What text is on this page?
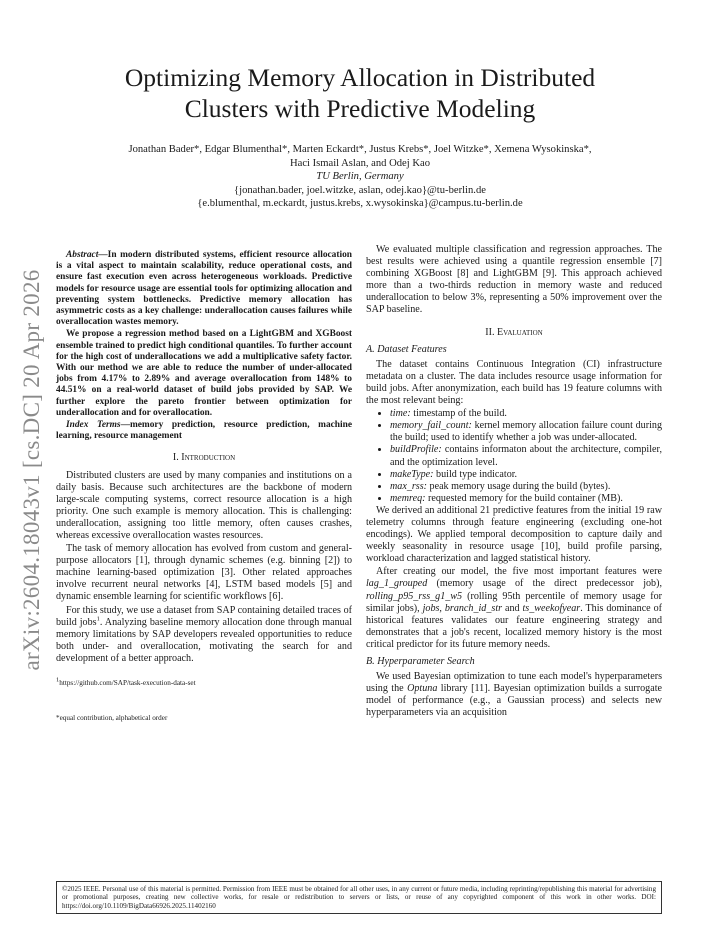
arXiv:2604.18043v1 [cs.DC] 20 Apr 2026
Optimizing Memory Allocation in Distributed Clusters with Predictive Modeling
Jonathan Bader*, Edgar Blumenthal*, Marten Eckardt*, Justus Krebs*, Joel Witzke*, Xemena Wysokinska*,
Haci Ismail Aslan, and Odej Kao
TU Berlin, Germany
{jonathan.bader, joel.witzke, aslan, odej.kao}@tu-berlin.de
{e.blumenthal, m.eckardt, justus.krebs, x.wysokinska}@campus.tu-berlin.de

Abstract—In modern distributed systems, efficient resource allocation is a vital aspect to maintain scalability, reduce operational costs, and ensure fast execution even across heterogeneous workloads. Predictive models for resource usage are essential tools for optimizing allocation and preventing system bottlenecks. Predictive memory allocation has asymmetric costs as a key challenge: underallocation causes failures while overallocation wastes memory.

We propose a regression method based on a LightGBM and XGBoost ensemble trained to predict high conditional quantiles. To further account for the high cost of underallocations we add a multiplicative safety factor. With our method we are able to reduce the number of under-allocated jobs from 4.17% to 2.89% and average overallocation from 148% to 44.51% on a real-world dataset of build jobs provided by SAP. We further explore the pareto frontier between optimization for underallocation and for overallocation.

Index Terms—memory prediction, resource prediction, machine learning, resource management

I. Introduction

Distributed clusters are used by many companies and institutions on a daily basis. Because such architectures are the backbone of modern large-scale computing systems, correct resource allocation is a high priority. One such example is memory allocation. This is challenging: underallocation, assigning too little memory, often causes crashes, whereas excessive overallocation wastes resources.

The task of memory allocation has evolved from custom and general-purpose allocators [1], through dynamic schemes (e.g. binning [2]) to machine learning-based optimization [3]. Other related approaches involve recurrent neural networks [4], LSTM based models [5] and dynamic ensemble learning for scientific workflows [6].

For this study, we use a dataset from SAP containing detailed traces of build jobs$^1$. Analyzing baseline memory allocation done through manual memory limitations by SAP developers revealed opportunities to reduce both under- and overallocation, motivating the search for and development of a better approach.

$^1$https://github.com/SAP/task-execution-data-set
*equal contribution, alphabetical order

We evaluated multiple classification and regression approaches. The best results were achieved using a quantile regression ensemble [7] combining XGBoost [8] and LightGBM [9]. This approach achieved more than a two-thirds reduction in memory waste and reduced underallocation to below 3%, representing a 50% improvement over the SAP baseline.

II. Evaluation
A. Dataset Features

The dataset contains Continuous Integration (CI) infrastructure metadata on a cluster. The data includes resource usage information for build jobs. After anonymization, each build has 19 feature columns with the most relevant being:

• time: timestamp of the build.
• memory_fail_count: kernel memory allocation failure count during the build; used to identify whether a job was under-allocated.
• buildProfile: contains informaton about the architecture, compiler, and the optimization level.
• makeType: build type indicator.
• max_rss: peak memory usage during the build (bytes).
• memreq: requested memory for the build container (MB).

We derived an additional 21 predictive features from the initial 19 raw telemetry columns through feature engineering (excluding one-hot encodings). We applied temporal decomposition to capture daily and weekly seasonality in resource usage [10], build profile parsing, workload characterization and lagged statistical history.

After creating our model, the five most important features were lag_1_grouped (memory usage of the direct predecessor job), rolling_p95_rss_g1_w5 (rolling 95th percentile of memory usage for similar jobs), jobs, branch_id_str and ts_weekofyear. This dominance of historical features validates our feature engineering strategy and demonstrates that a job's recent, localized memory history is the most critical predictor for its future memory needs.

B. Hyperparameter Search

We used Bayesian optimization to tune each model's hyperparameters using the Optuna library [11]. Bayesian optimization builds a surrogate model of performance (e.g., a Gaussian process) and selects new hyperparameters via an acquisition

©2025 IEEE. Personal use of this material is permitted. Permission from IEEE must be obtained for all other uses, in any current or future media, including reprinting/republishing this material for advertising or promotional purposes, creating new collective works, for resale or redistribution to servers or lists, or reuse of any copyrighted component of this work in other works. DOI: https://doi.org/10.1109/BigData66926.2025.11402160
